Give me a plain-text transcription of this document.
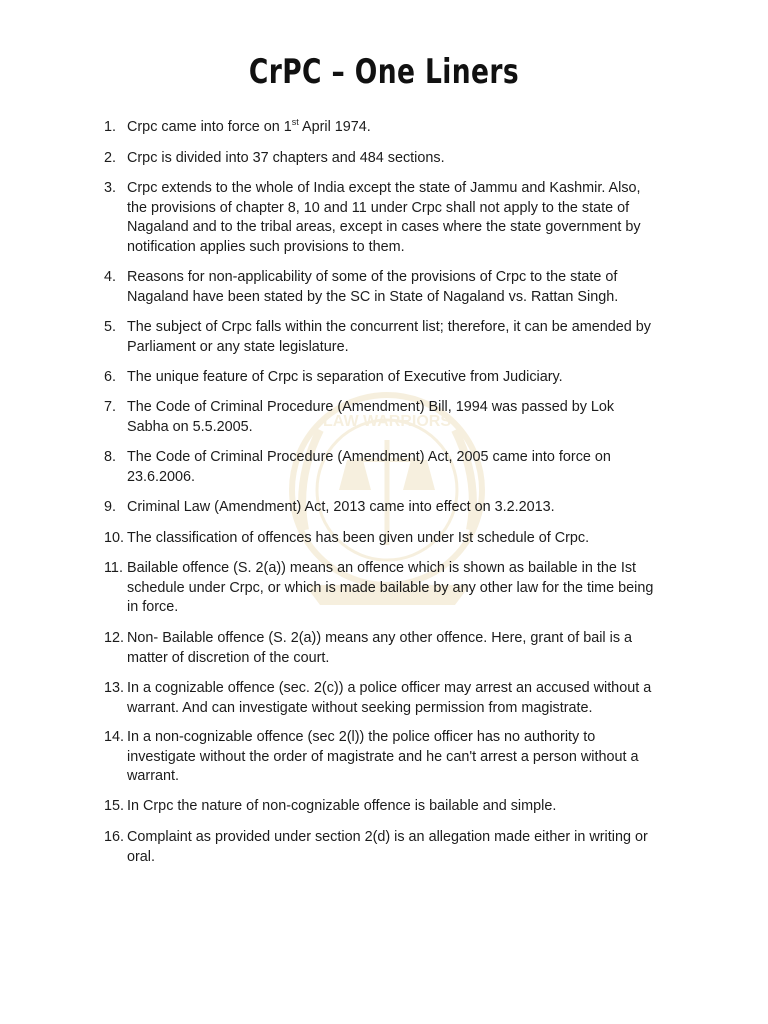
LAW WARRIORS
CrPC – One Liners
1. Crpc came into force on 1st April 1974.
2. Crpc is divided into 37 chapters and 484 sections.
3. Crpc extends to the whole of India except the state of Jammu and Kashmir. Also, the provisions of chapter 8, 10 and 11 under Crpc shall not apply to the state of Nagaland and to the tribal areas, except in cases where the state government by notification applies such provisions to them.
4. Reasons for non-applicability of some of the provisions of Crpc to the state of Nagaland have been stated by the SC in State of Nagaland vs. Rattan Singh.
5. The subject of Crpc falls within the concurrent list; therefore, it can be amended by Parliament or any state legislature.
6. The unique feature of Crpc is separation of Executive from Judiciary.
7. The Code of Criminal Procedure (Amendment) Bill, 1994 was passed by Lok Sabha on 5.5.2005.
8. The Code of Criminal Procedure (Amendment) Act, 2005 came into force on 23.6.2006.
9. Criminal Law (Amendment) Act, 2013 came into effect on 3.2.2013.
10. The classification of offences has been given under Ist schedule of Crpc.
11. Bailable offence (S. 2(a)) means an offence which is shown as bailable in the Ist schedule under Crpc, or which is made bailable by any other law for the time being in force.
12. Non- Bailable offence (S. 2(a)) means any other offence. Here, grant of bail is a matter of discretion of the court.
13. In a cognizable offence (sec. 2(c)) a police officer may arrest an accused without a warrant. And can investigate without seeking permission from magistrate.
14. In a non-cognizable offence (sec 2(l)) the police officer has no authority to investigate without the order of magistrate and he can't arrest a person without a warrant.
15. In Crpc the nature of non-cognizable offence is bailable and simple.
16. Complaint as provided under section 2(d) is an allegation made either in writing or oral.
